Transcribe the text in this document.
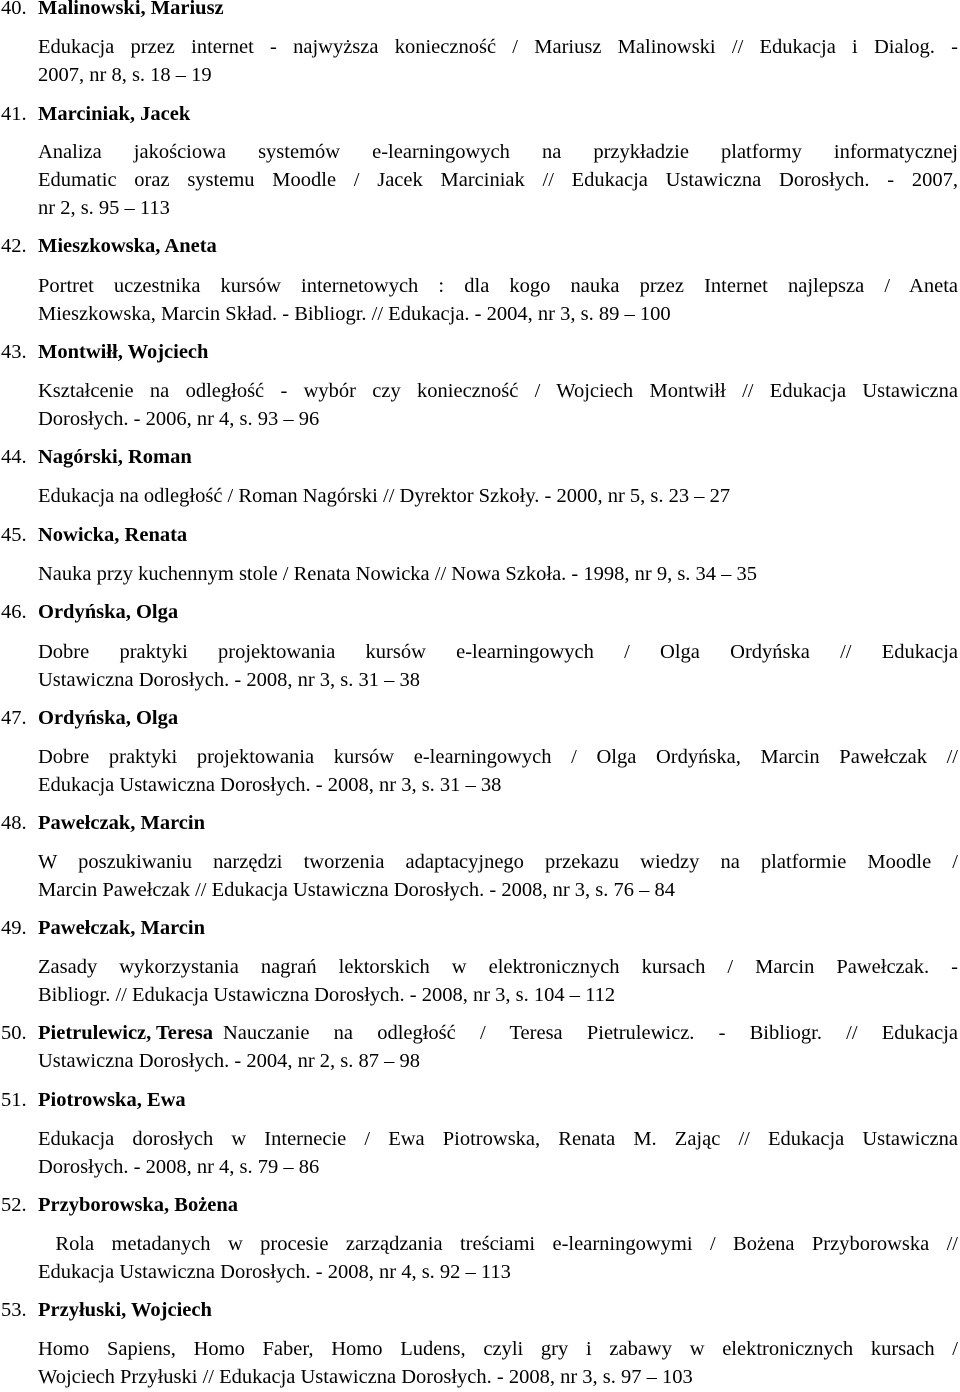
40. Malinowski, Mariusz
Edukacja przez internet - najwyższa konieczność / Mariusz Malinowski // Edukacja i Dialog. -
2007, nr 8, s. 18 – 19
41. Marciniak, Jacek
Analiza jakościowa systemów e-learningowych na przykładzie platformy informatycznej
Edumatic oraz systemu Moodle / Jacek Marciniak // Edukacja Ustawiczna Dorosłych. - 2007,
nr 2, s. 95 – 113
42. Mieszkowska, Aneta
Portret uczestnika kursów internetowych : dla kogo nauka przez Internet najlepsza / Aneta
Mieszkowska, Marcin Skład. - Bibliogr. // Edukacja. - 2004, nr 3, s. 89 – 100
43. Montwiłł, Wojciech
Kształcenie na odległość - wybór czy konieczność / Wojciech Montwiłł // Edukacja Ustawiczna
Dorosłych. - 2006, nr 4, s. 93 – 96
44. Nagórski, Roman
Edukacja na odległość / Roman Nagórski // Dyrektor Szkoły. - 2000, nr 5, s. 23 – 27
45. Nowicka, Renata
Nauka przy kuchennym stole / Renata Nowicka // Nowa Szkoła. - 1998, nr 9, s. 34 – 35
46. Ordyńska, Olga
Dobre praktyki projektowania kursów e-learningowych / Olga Ordyńska // Edukacja
Ustawiczna Dorosłych. - 2008, nr 3, s. 31 – 38
47. Ordyńska, Olga
Dobre praktyki projektowania kursów e-learningowych / Olga Ordyńska, Marcin Pawełczak //
Edukacja Ustawiczna Dorosłych. - 2008, nr 3, s. 31 – 38
48. Pawełczak, Marcin
W poszukiwaniu narzędzi tworzenia adaptacyjnego przekazu wiedzy na platformie Moodle /
Marcin Pawełczak // Edukacja Ustawiczna Dorosłych. - 2008, nr 3, s. 76 – 84
49. Pawełczak, Marcin
Zasady wykorzystania nagrań lektorskich w elektronicznych kursach / Marcin Pawełczak. -
Bibliogr. // Edukacja Ustawiczna Dorosłych. - 2008, nr 3, s. 104 – 112
50. Pietrulewicz, Teresa Nauczanie na odległość / Teresa Pietrulewicz. - Bibliogr. // Edukacja
Ustawiczna Dorosłych. - 2004, nr 2, s. 87 – 98
51. Piotrowska, Ewa
Edukacja dorosłych w Internecie / Ewa Piotrowska, Renata M. Zając // Edukacja Ustawiczna
Dorosłych. - 2008, nr 4, s. 79 – 86
52. Przyborowska, Bożena
Rola metadanych w procesie zarządzania treściami e-learningowymi / Bożena Przyborowska //
Edukacja Ustawiczna Dorosłych. - 2008, nr 4, s. 92 – 113
53. Przyłuski, Wojciech
Homo Sapiens, Homo Faber, Homo Ludens, czyli gry i zabawy w elektronicznych kursach /
Wojciech Przyłuski // Edukacja Ustawiczna Dorosłych. - 2008, nr 3, s. 97 – 103
